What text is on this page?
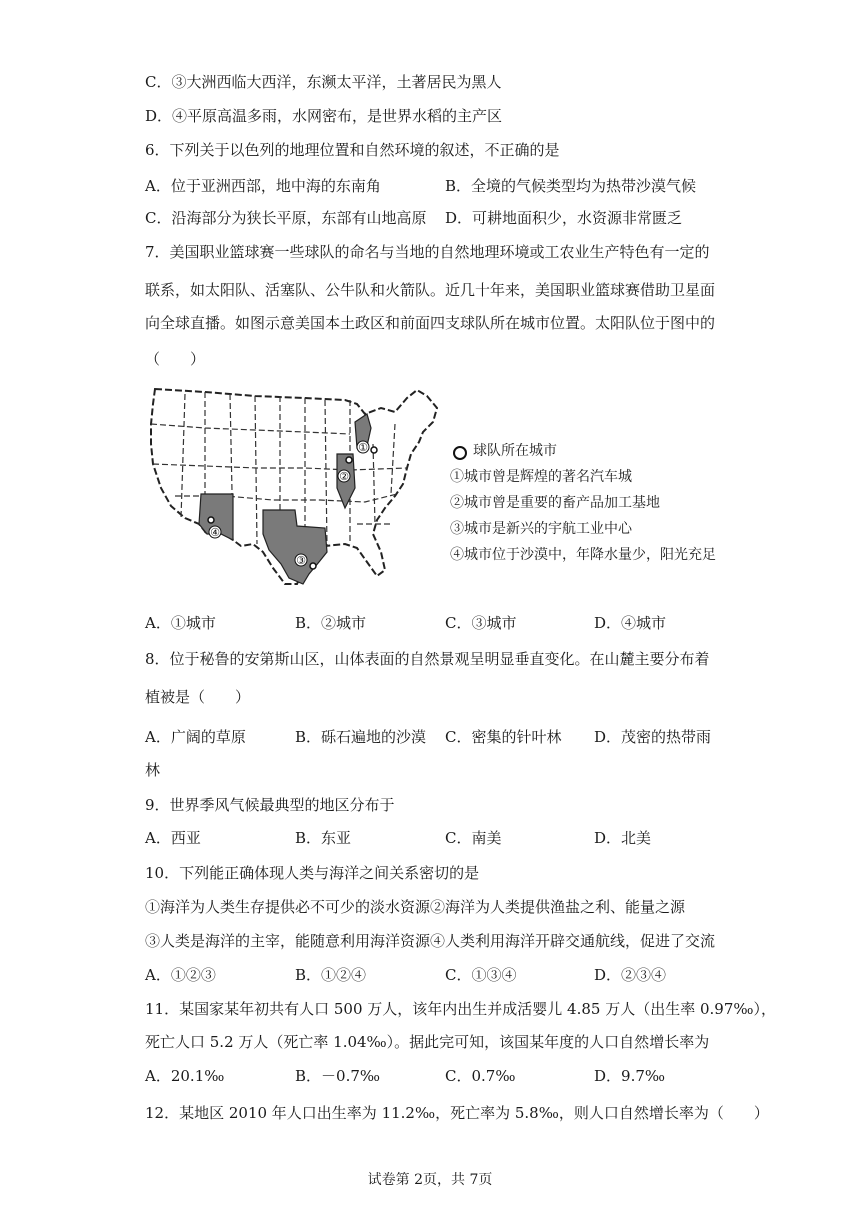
C．③大洲西临大西洋，东濒太平洋，土著居民为黑人
D．④平原高温多雨，水网密布，是世界水稻的主产区
6．下列关于以色列的地理位置和自然环境的叙述，不正确的是
A．位于亚洲西部，地中海的东南角	B．全境的气候类型均为热带沙漠气候
C．沿海部分为狭长平原，东部有山地高原 D．可耕地面积少，水资源非常匮乏
7．美国职业篮球赛一些球队的命名与当地的自然地理环境或工农业生产特色有一定的
联系，如太阳队、活塞队、公牛队和火箭队。近几十年来，美国职业篮球赛借助卫星面
向全球直播。如图示意美国本土政区和前面四支球队所在城市位置。太阳队位于图中的
（　　）
①
②
③
④
球队所在城市
①城市曾是辉煌的著名汽车城
②城市曾是重要的畜产品加工基地
③城市是新兴的宇航工业中心
④城市位于沙漠中，年降水量少，阳光充足
A．①城市	B．②城市	C．③城市	D．④城市
8．位于秘鲁的安第斯山区，山体表面的自然景观呈明显垂直变化。在山麓主要分布着
植被是（　　）
A．广阔的草原	B．砾石遍地的沙漠 C．密集的针叶林 D．茂密的热带雨
林
9．世界季风气候最典型的地区分布于
A．西亚	B．东亚	C．南美	D．北美
10．下列能正确体现人类与海洋之间关系密切的是
①海洋为人类生存提供必不可少的淡水资源②海洋为人类提供渔盐之利、能量之源
③人类是海洋的主宰，能随意利用海洋资源④人类利用海洋开辟交通航线，促进了交流
A．①②③	B．①②④	C．①③④	D．②③④
11．某国家某年初共有人口 500 万人，该年内出生并成活婴儿 4.85 万人（出生率 0.97‰），
死亡人口 5.2 万人（死亡率 1.04‰）。据此完可知，该国某年度的人口自然增长率为
A．20.1‰	B．－0.7‰	C．0.7‰	D．9.7‰
12．某地区 2010 年人口出生率为 11.2‰，死亡率为 5.8‰，则人口自然增长率为（　　）
试卷第 2页，共 7页
